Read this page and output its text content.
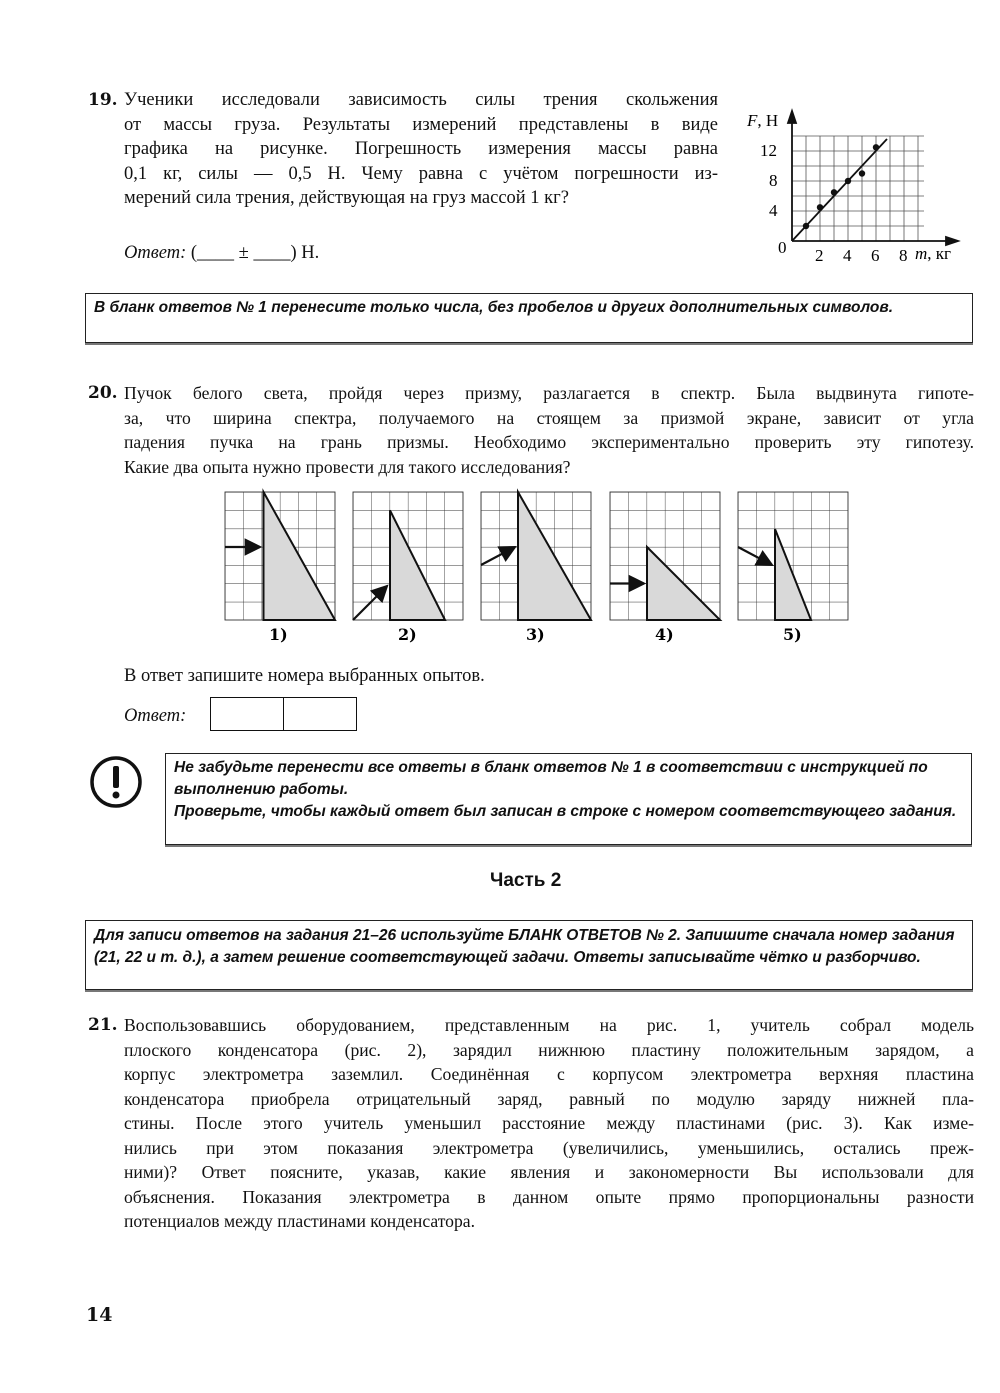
19. Ученики исследовали зависимость силы трения скольжения
от массы груза. Результаты измерений представлены в виде
графика на рисунке. Погрешность измерения массы равна
0,1 кг, силы — 0,5 Н. Чему равна с учётом погрешности из-
мерений сила трения, действующая на груз массой 1 кг?
Ответ: (____ ± ____) Н.
F, Н
12
8
4
0 2 4 6 8 m, кг
В бланк ответов № 1 перенесите только числа, без пробелов и других дополнительных символов.
20. Пучок белого света, пройдя через призму, разлагается в спектр. Была выдвинута гипоте-
за, что ширина спектра, получаемого на стоящем за призмой экране, зависит от угла
падения пучка на грань призмы. Необходимо экспериментально проверить эту гипотезу.
Какие два опыта нужно провести для такого исследования?
1)	2)	3)	4)	5)
В ответ запишите номера выбранных опытов.
Ответ:
Не забудьте перенести все ответы в бланк ответов № 1 в соответствии с инструкцией по выполнению работы.
Проверьте, чтобы каждый ответ был записан в строке с номером соответствующего задания.
Часть 2
Для записи ответов на задания 21–26 используйте БЛАНК ОТВЕТОВ № 2. Запишите сначала номер задания (21, 22 и т. д.), а затем решение соответствующей задачи. Ответы записывайте чётко и разборчиво.
21. Воспользовавшись оборудованием, представленным на рис. 1, учитель собрал модель
плоского конденсатора (рис. 2), зарядил нижнюю пластину положительным зарядом, а
корпус электрометра заземлил. Соединённая с корпусом электрометра верхняя пластина
конденсатора приобрела отрицательный заряд, равный по модулю заряду нижней пла-
стины. После этого учитель уменьшил расстояние между пластинами (рис. 3). Как изме-
нились при этом показания электрометра (увеличились, уменьшились, остались преж-
ними)? Ответ поясните, указав, какие явления и закономерности Вы использовали для
объяснения. Показания электрометра в данном опыте прямо пропорциональны разности
потенциалов между пластинами конденсатора.
14
